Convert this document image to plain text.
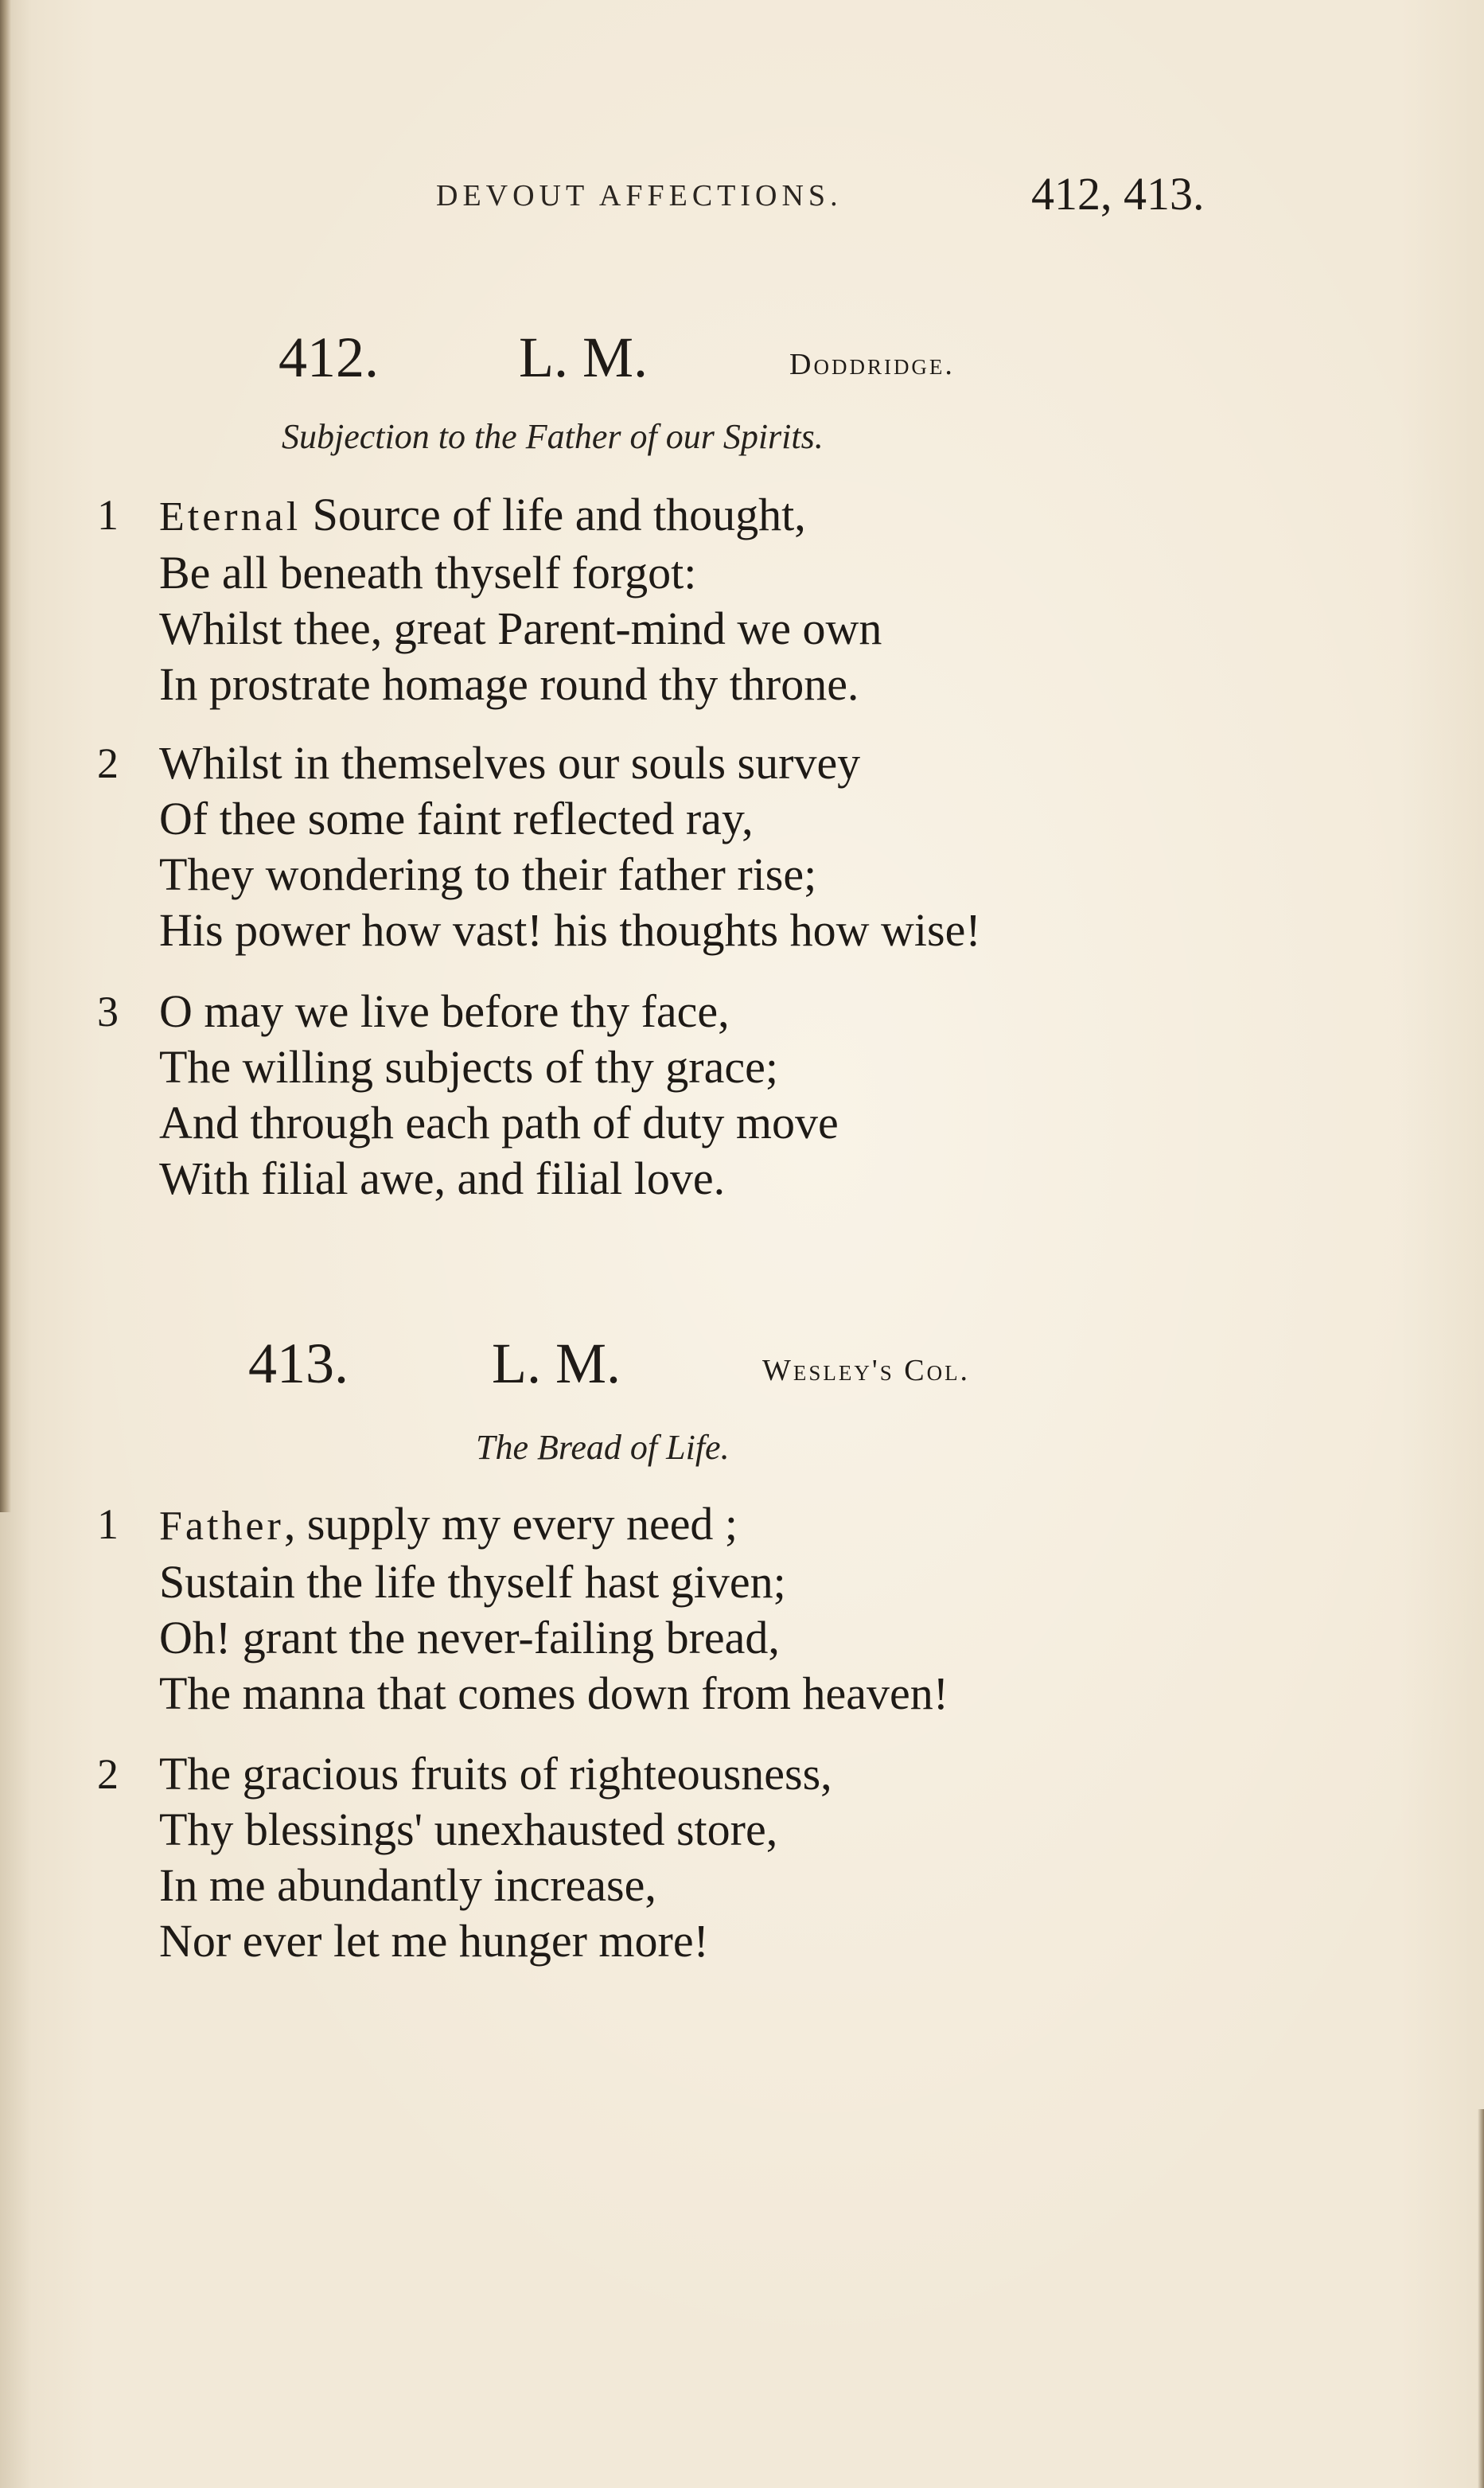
DEVOUT AFFECTIONS.	412, 413.
412. L. M.	Doddridge.
Subjection to the Father of our Spirits.
1 Eternal Source of life and thought,
Be all beneath thyself forgot:
Whilst thee, great Parent-mind we own
In prostrate homage round thy throne.
2 Whilst in themselves our souls survey
Of thee some faint reflected ray,
They wondering to their father rise;
His power how vast! his thoughts how wise!
3 O may we live before thy face,
The willing subjects of thy grace;
And through each path of duty move
With filial awe, and filial love.
413.	L. M.	Wesley's Col.
The Bread of Life.
1 Father, supply my every need ;
Sustain the life thyself hast given;
Oh! grant the never-failing bread,
The manna that comes down from heaven!
2 The gracious fruits of righteousness,
Thy blessings' unexhausted store,
In me abundantly increase,
Nor ever let me hunger more!
